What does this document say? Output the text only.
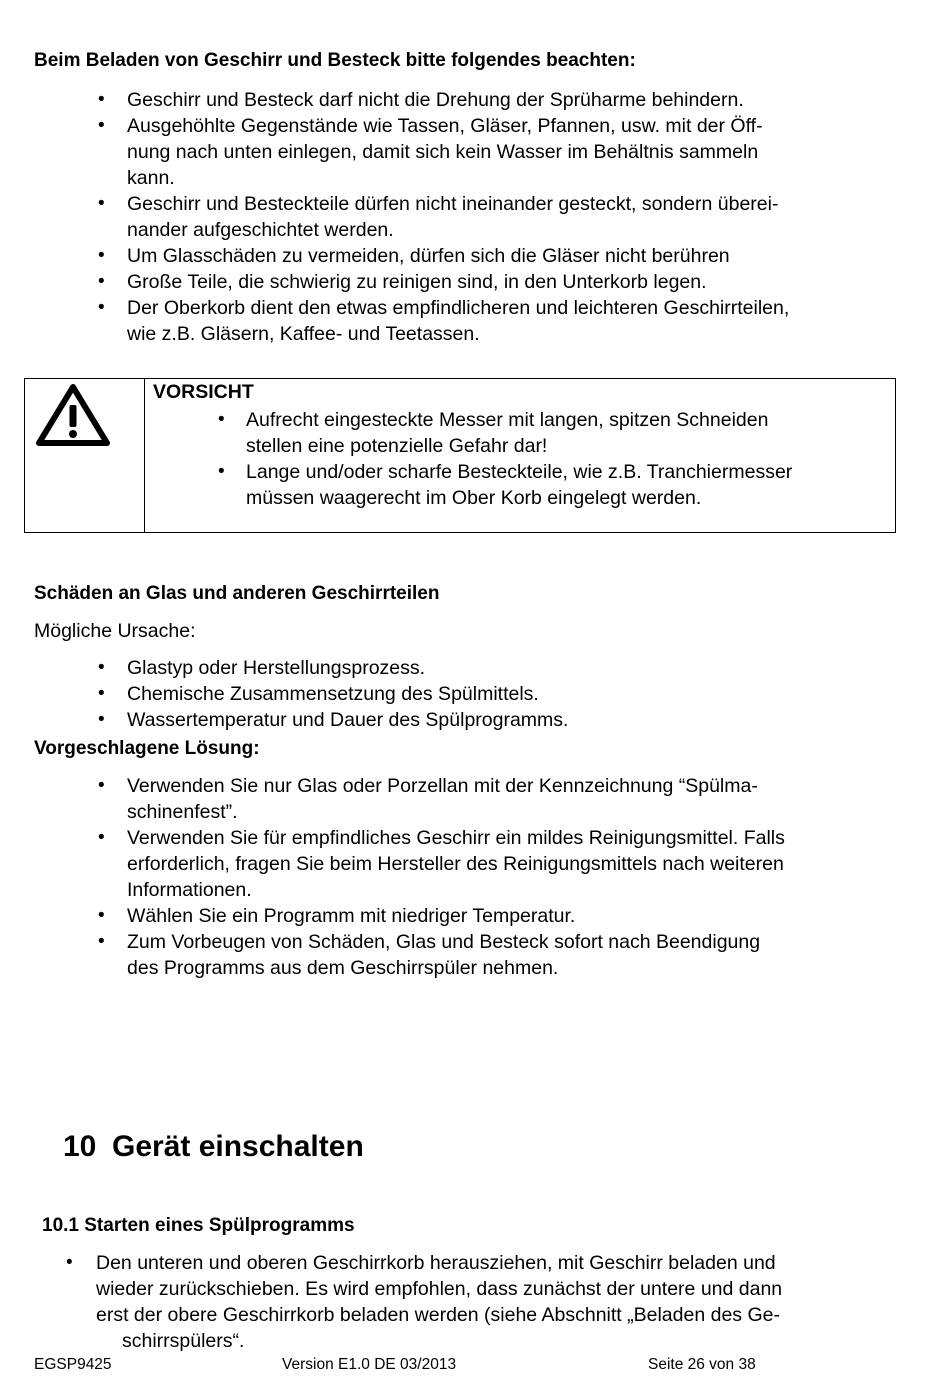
Beim Beladen von Geschirr und Besteck bitte folgendes beachten:
• Geschirr und Besteck darf nicht die Drehung der Sprüharme behindern.
• Ausgehöhlte Gegenstände wie Tassen, Gläser, Pfannen, usw. mit der Öff-
nung nach unten einlegen, damit sich kein Wasser im Behältnis sammeln
kann.
• Geschirr und Besteckteile dürfen nicht ineinander gesteckt, sondern überei-
nander aufgeschichtet werden.
• Um Glasschäden zu vermeiden, dürfen sich die Gläser nicht berühren
• Große Teile, die schwierig zu reinigen sind, in den Unterkorb legen.
• Der Oberkorb dient den etwas empfindlicheren und leichteren Geschirrteilen,
wie z.B. Gläsern, Kaffee- und Teetassen.
VORSICHT
• Aufrecht eingesteckte Messer mit langen, spitzen Schneiden
stellen eine potenzielle Gefahr dar!
• Lange und/oder scharfe Besteckteile, wie z.B. Tranchiermesser
müssen waagerecht im Ober Korb eingelegt werden.
Schäden an Glas und anderen Geschirrteilen
Mögliche Ursache:
• Glastyp oder Herstellungsprozess.
• Chemische Zusammensetzung des Spülmittels.
• Wassertemperatur und Dauer des Spülprogramms.
Vorgeschlagene Lösung:
• Verwenden Sie nur Glas oder Porzellan mit der Kennzeichnung “Spülma-
schinenfest”.
• Verwenden Sie für empfindliches Geschirr ein mildes Reinigungsmittel. Falls
erforderlich, fragen Sie beim Hersteller des Reinigungsmittels nach weiteren
Informationen.
• Wählen Sie ein Programm mit niedriger Temperatur.
• Zum Vorbeugen von Schäden, Glas und Besteck sofort nach Beendigung
des Programms aus dem Geschirrspüler nehmen.
10 Gerät einschalten
10.1 Starten eines Spülprogramms
• Den unteren und oberen Geschirrkorb herausziehen, mit Geschirr beladen und
wieder zurückschieben. Es wird empfohlen, dass zunächst der untere und dann
erst der obere Geschirrkorb beladen werden (siehe Abschnitt „Beladen des Ge-
schirrspülers“.
EGSP9425	Version E1.0 DE 03/2013	Seite 26 von 38
